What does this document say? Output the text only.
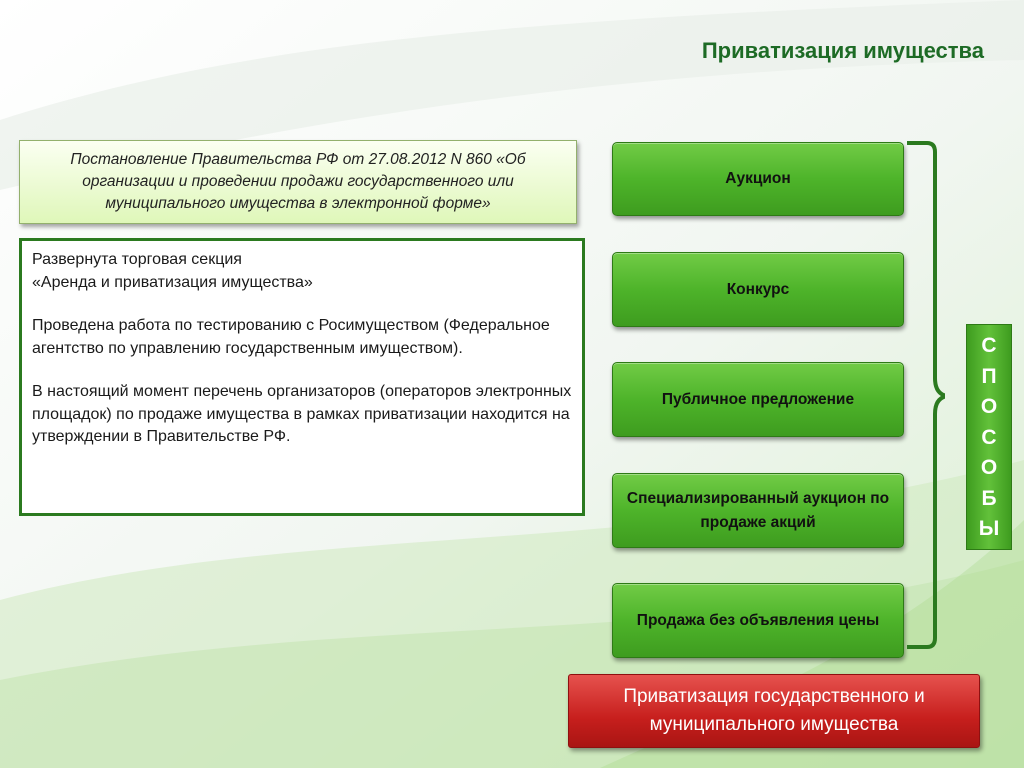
Приватизация имущества
Постановление Правительства РФ от 27.08.2012 N 860 «Об организации и проведении продажи государственного или муниципального имущества в электронной форме»

Развернута торговая секция
«Аренда и приватизация имущества»

Проведена работа по тестированию с Росимуществом (Федеральное агентство по управлению государственным имуществом).

В настоящий момент перечень организаторов (операторов электронных площадок) по продаже имущества в рамках приватизации находится на утверждении в Правительстве РФ.

Аукцион
Конкурс
Публичное предложение
Специализированный аукцион по продаже акций
Продажа без объявления цены
С
П
О
С
О
Б
Ы
Приватизация государственного и муниципального имущества
